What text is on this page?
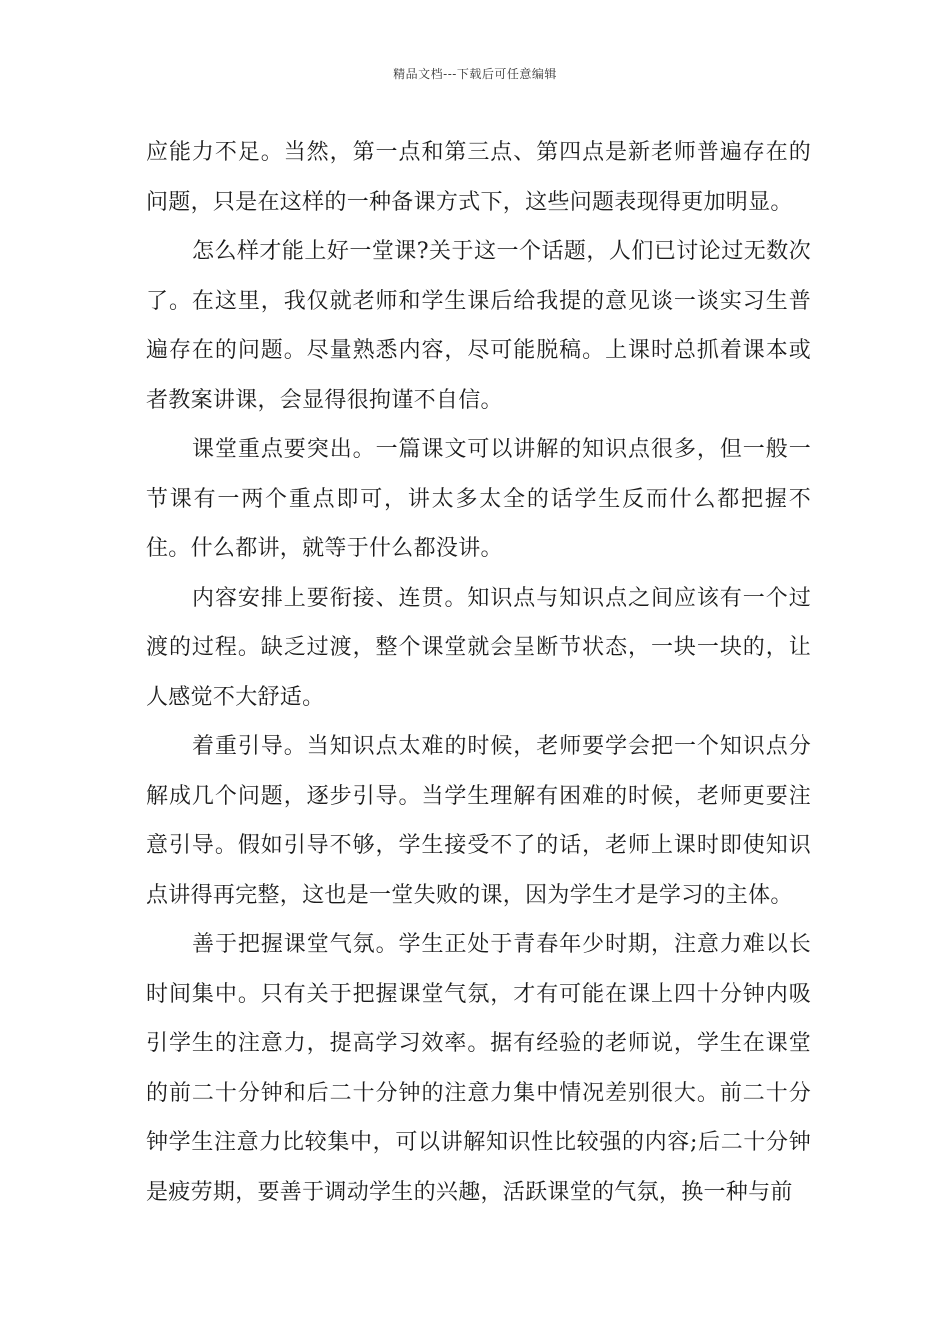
精品文档---下载后可任意编辑

应能力不足。当然，第一点和第三点、第四点是新老师普遍存在的问题，只是在这样的一种备课方式下，这些问题表现得更加明显。

怎么样才能上好一堂课?关于这一个话题，人们已讨论过无数次了。在这里，我仅就老师和学生课后给我提的意见谈一谈实习生普遍存在的问题。尽量熟悉内容，尽可能脱稿。上课时总抓着课本或者教案讲课，会显得很拘谨不自信。

课堂重点要突出。一篇课文可以讲解的知识点很多，但一般一节课有一两个重点即可，讲太多太全的话学生反而什么都把握不住。什么都讲，就等于什么都没讲。

内容安排上要衔接、连贯。知识点与知识点之间应该有一个过渡的过程。缺乏过渡，整个课堂就会呈断节状态，一块一块的，让人感觉不大舒适。

着重引导。当知识点太难的时候，老师要学会把一个知识点分解成几个问题，逐步引导。当学生理解有困难的时候，老师更要注意引导。假如引导不够，学生接受不了的话，老师上课时即使知识点讲得再完整，这也是一堂失败的课，因为学生才是学习的主体。

善于把握课堂气氛。学生正处于青春年少时期，注意力难以长时间集中。只有关于把握课堂气氛，才有可能在课上四十分钟内吸引学生的注意力，提高学习效率。据有经验的老师说，学生在课堂的前二十分钟和后二十分钟的注意力集中情况差别很大。前二十分钟学生注意力比较集中，可以讲解知识性比较强的内容;后二十分钟是疲劳期，要善于调动学生的兴趣，活跃课堂的气氛，换一种与前
